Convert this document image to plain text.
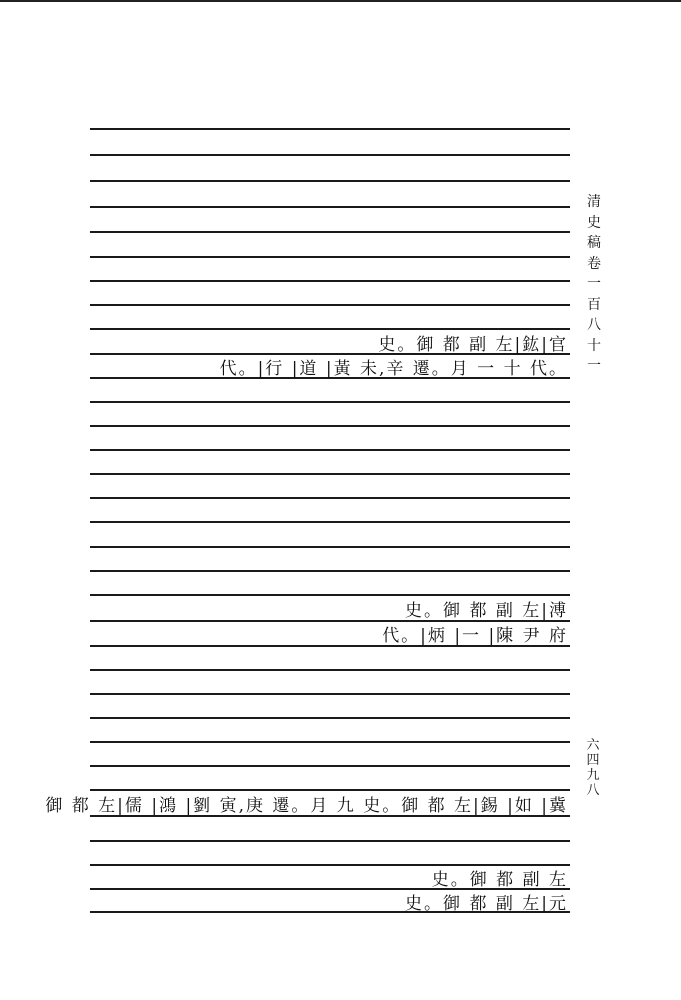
史。御 都 副 左|鈜|官
代。|行 |道 |黃 未,辛 遷。月 一 十 代。
史。御 都 副 左|溥
代。|炳 |一 |陳 尹 府
御 都 左|儒 |鴻 |劉 寅,庚 遷。月 九 史。御 都 左|錫 |如 |冀
史。御 都 副 左
史。御 都 副 左|元
清史稿卷一百八十一
六四九八
